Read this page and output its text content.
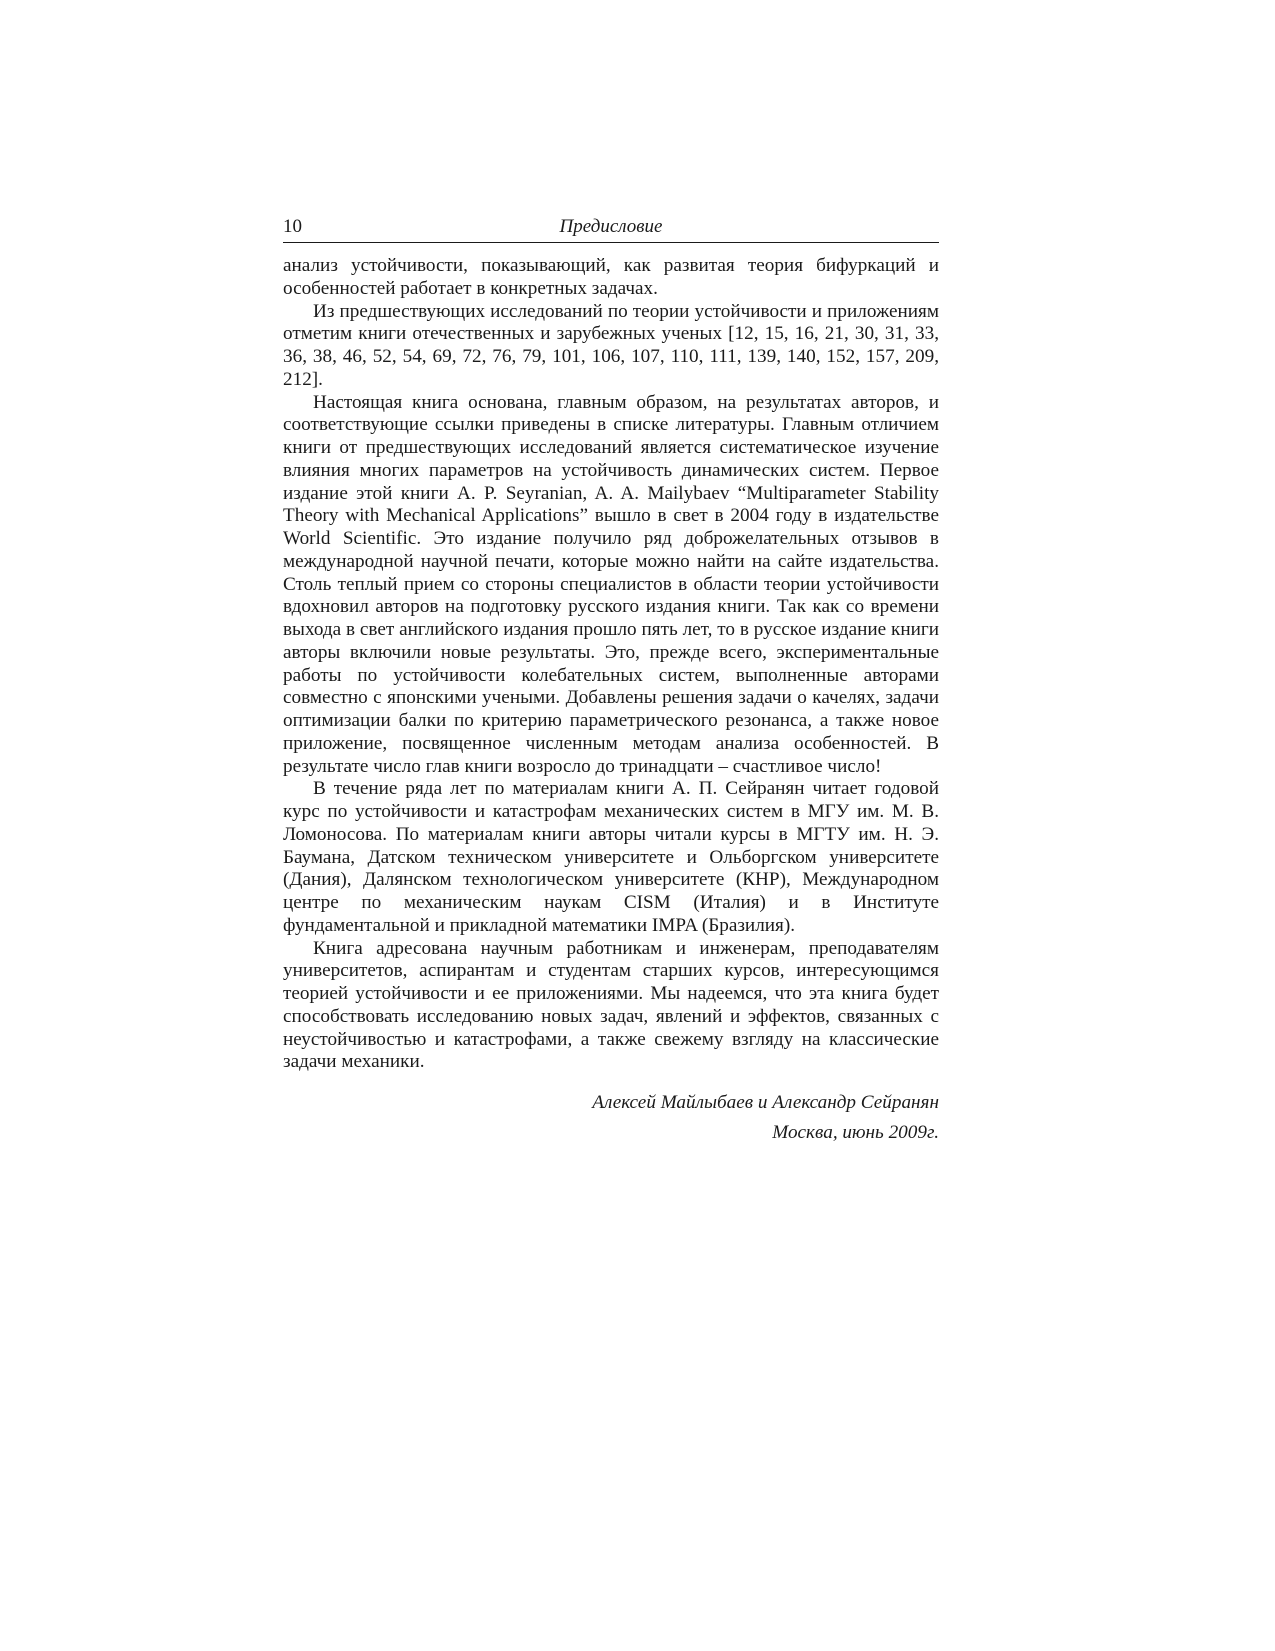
10	Предисловие

анализ устойчивости, показывающий, как развитая теория бифуркаций и особенностей работает в конкретных задачах.

Из предшествующих исследований по теории устойчивости и приложениям отметим книги отечественных и зарубежных ученых [12, 15, 16, 21, 30, 31, 33, 36, 38, 46, 52, 54, 69, 72, 76, 79, 101, 106, 107, 110, 111, 139, 140, 152, 157, 209, 212].

Настоящая книга основана, главным образом, на результатах авторов, и соответствующие ссылки приведены в списке литературы. Главным отличием книги от предшествующих исследований является систематическое изучение влияния многих параметров на устойчивость динамических систем. Первое издание этой книги A. P. Seyranian, A. A. Mailybaev “Multiparameter Stability Theory with Mechanical Applications” вышло в свет в 2004 году в издательстве World Scientific. Это издание получило ряд доброжелательных отзывов в международной научной печати, которые можно найти на сайте издательства. Столь теплый прием со стороны специалистов в области теории устойчивости вдохновил авторов на подготовку русского издания книги. Так как со времени выхода в свет английского издания прошло пять лет, то в русское издание книги авторы включили новые результаты. Это, прежде всего, экспериментальные работы по устойчивости колебательных систем, выполненные авторами совместно с японскими учеными. Добавлены решения задачи о качелях, задачи оптимизации балки по критерию параметрического резонанса, а также новое приложение, посвященное численным методам анализа особенностей. В результате число глав книги возросло до тринадцати – счастливое число!

В течение ряда лет по материалам книги А. П. Сейранян читает годовой курс по устойчивости и катастрофам механических систем в МГУ им. М. В. Ломоносова. По материалам книги авторы читали курсы в МГТУ им. Н. Э. Баумана, Датском техническом университете и Ольборгском университете (Дания), Далянском технологическом университете (КНР), Международном центре по механическим наукам CISM (Италия) и в Институте фундаментальной и прикладной математики IMPA (Бразилия).

Книга адресована научным работникам и инженерам, преподавателям университетов, аспирантам и студентам старших курсов, интересующимся теорией устойчивости и ее приложениями. Мы надеемся, что эта книга будет способствовать исследованию новых задач, явлений и эффектов, связанных с неустойчивостью и катастрофами, а также свежему взгляду на классические задачи механики.

Алексей Майлыбаев и Александр Сейранян
Москва, июнь 2009г.
